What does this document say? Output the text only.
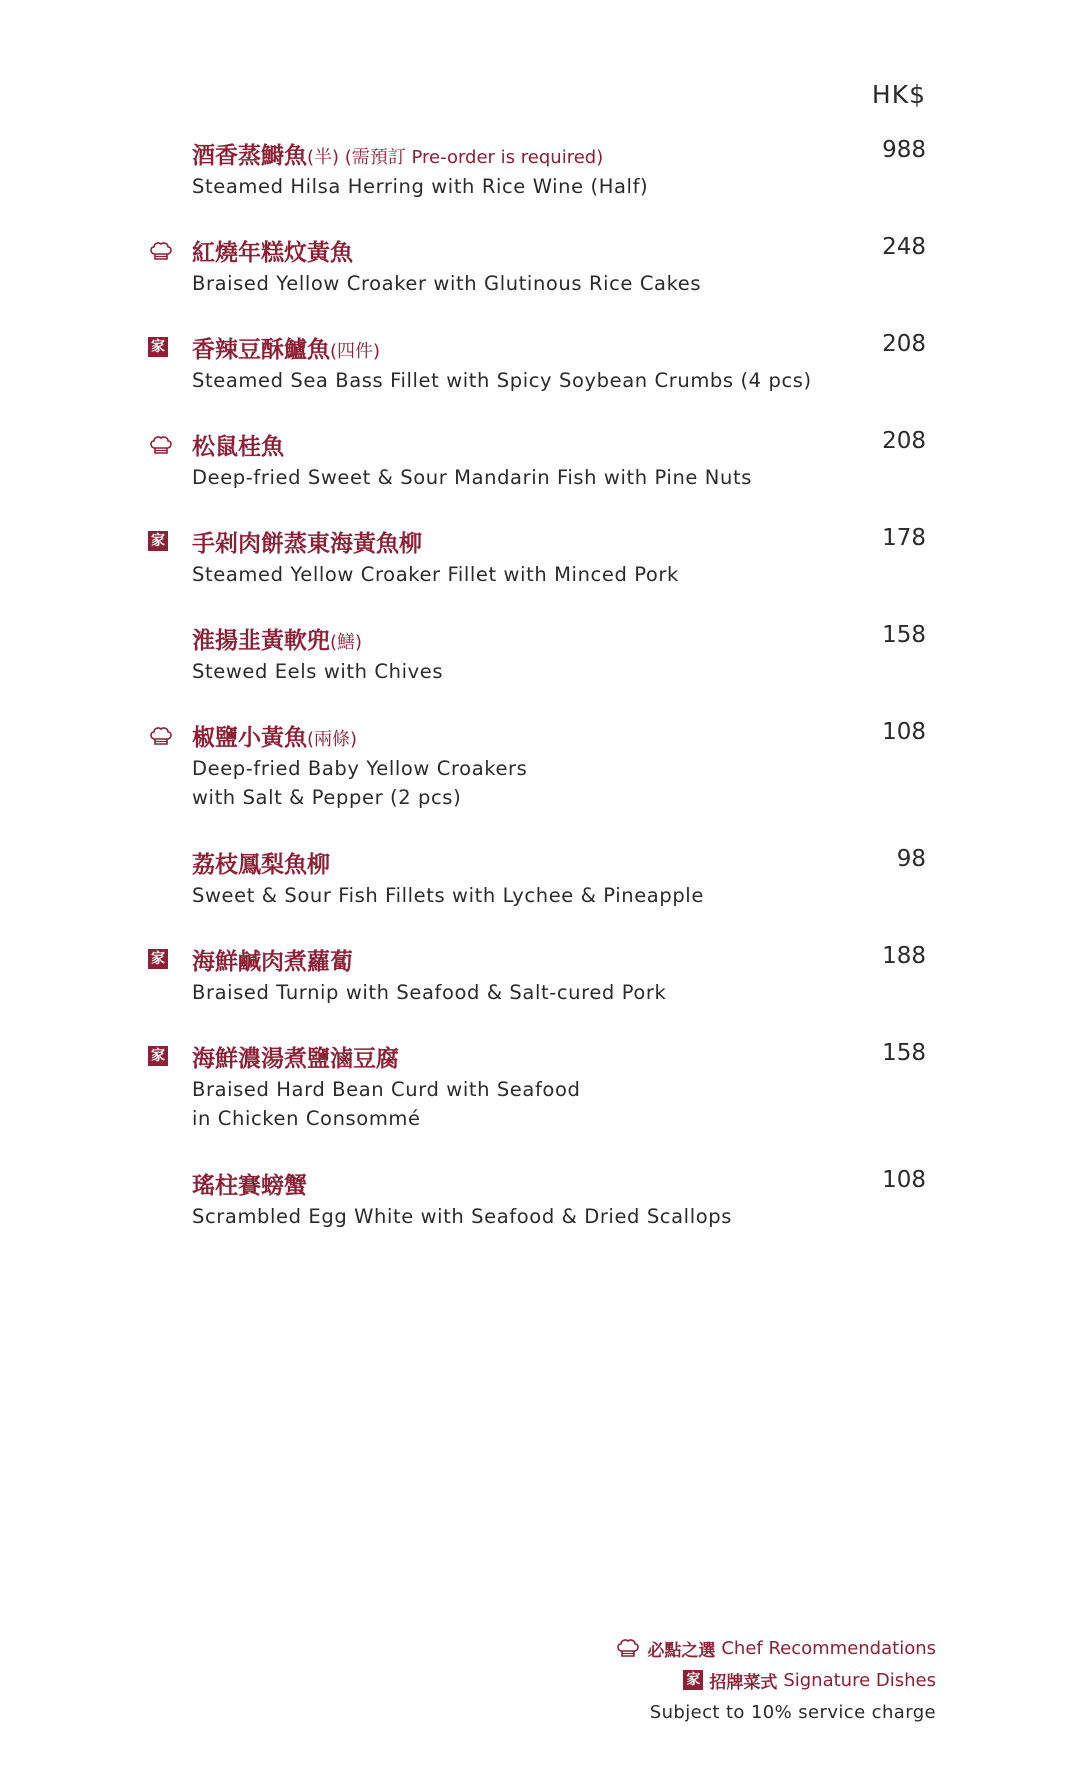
HK$
酒香蒸鰣魚(半) (需預訂 Pre-order is required)
Steamed Hilsa Herring with Rice Wine (Half)
988
紅燒年糕炆黃魚
Braised Yellow Croaker with Glutinous Rice Cakes
248
家 香辣豆酥鱸魚(四件)
Steamed Sea Bass Fillet with Spicy Soybean Crumbs (4 pcs)
208
松鼠桂魚
Deep-fried Sweet & Sour Mandarin Fish with Pine Nuts
208
家 手剁肉餅蒸東海黃魚柳
Steamed Yellow Croaker Fillet with Minced Pork
178
淮揚韭黃軟兜(鱔)
Stewed Eels with Chives
158
椒鹽小黃魚(兩條)
Deep-fried Baby Yellow Croakers
with Salt & Pepper (2 pcs)
108
荔枝鳳梨魚柳
Sweet & Sour Fish Fillets with Lychee & Pineapple
98
家 海鮮鹹肉煮蘿蔔
Braised Turnip with Seafood & Salt-cured Pork
188
家 海鮮濃湯煮鹽滷豆腐
Braised Hard Bean Curd with Seafood
in Chicken Consommé
158
瑤柱賽螃蟹
Scrambled Egg White with Seafood & Dried Scallops
108
必點之選 Chef Recommendations
家 招牌菜式 Signature Dishes
Subject to 10% service charge
